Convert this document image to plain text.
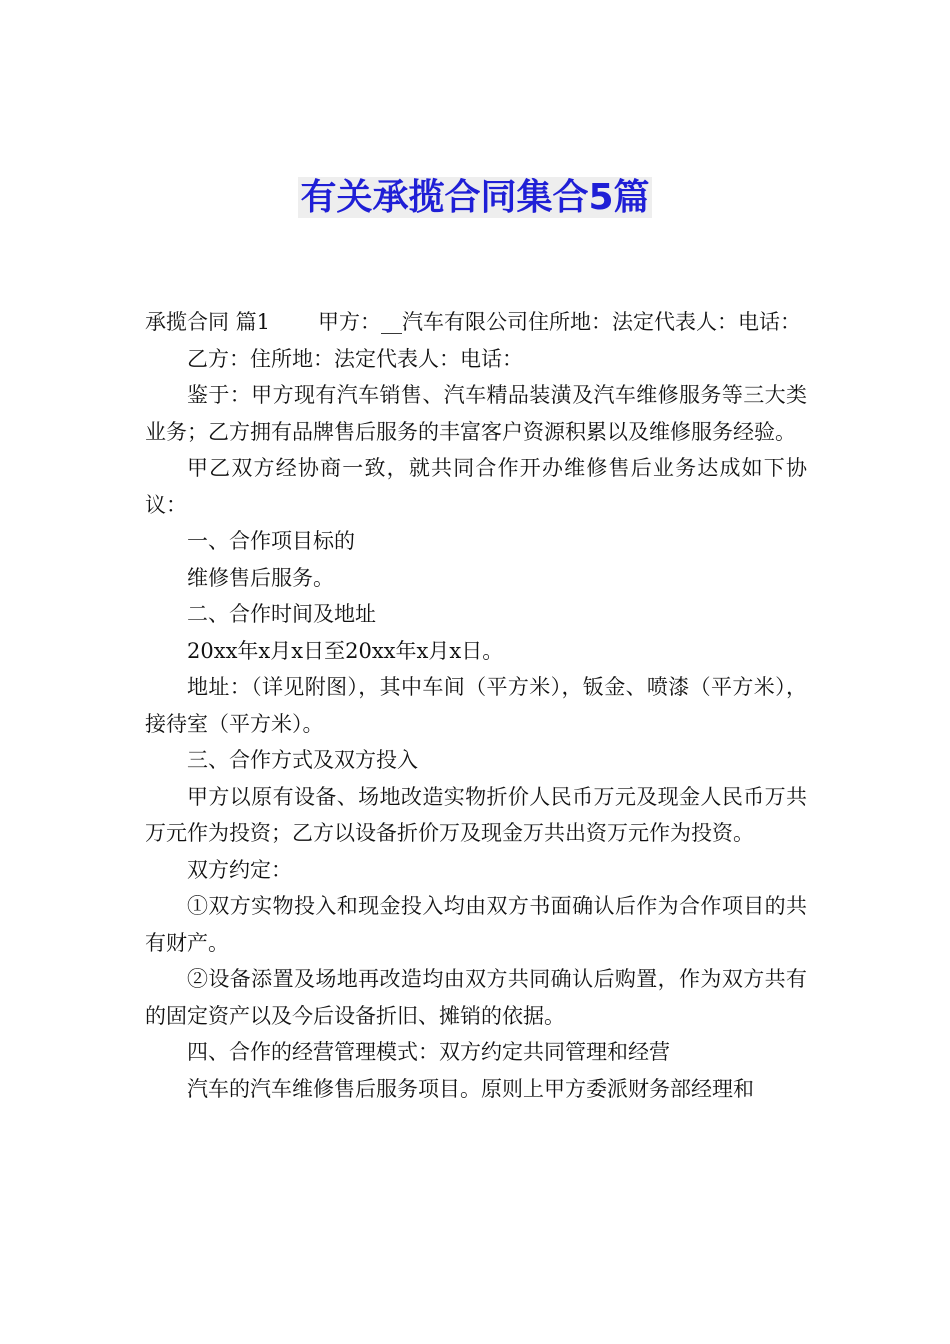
有关承揽合同集合5篇

承揽合同 篇1 甲方：__汽车有限公司住所地：法定代表人：电话：

乙方：住所地：法定代表人：电话：

鉴于：甲方现有汽车销售、汽车精品装潢及汽车维修服务等三大类业务；乙方拥有品牌售后服务的丰富客户资源积累以及维修服务经验。

甲乙双方经协商一致，就共同合作开办维修售后业务达成如下协议：

一、合作项目标的

维修售后服务。

二、合作时间及地址

20xx年x月x日至20xx年x月x日。

地址：（详见附图），其中车间（平方米），钣金、喷漆（平方米），接待室（平方米）。

三、合作方式及双方投入

甲方以原有设备、场地改造实物折价人民币万元及现金人民币万共万元作为投资；乙方以设备折价万及现金万共出资万元作为投资。

双方约定：

①双方实物投入和现金投入均由双方书面确认后作为合作项目的共有财产。

②设备添置及场地再改造均由双方共同确认后购置，作为双方共有的固定资产以及今后设备折旧、摊销的依据。

四、合作的经营管理模式：双方约定共同管理和经营

汽车的汽车维修售后服务项目。原则上甲方委派财务部经理和
